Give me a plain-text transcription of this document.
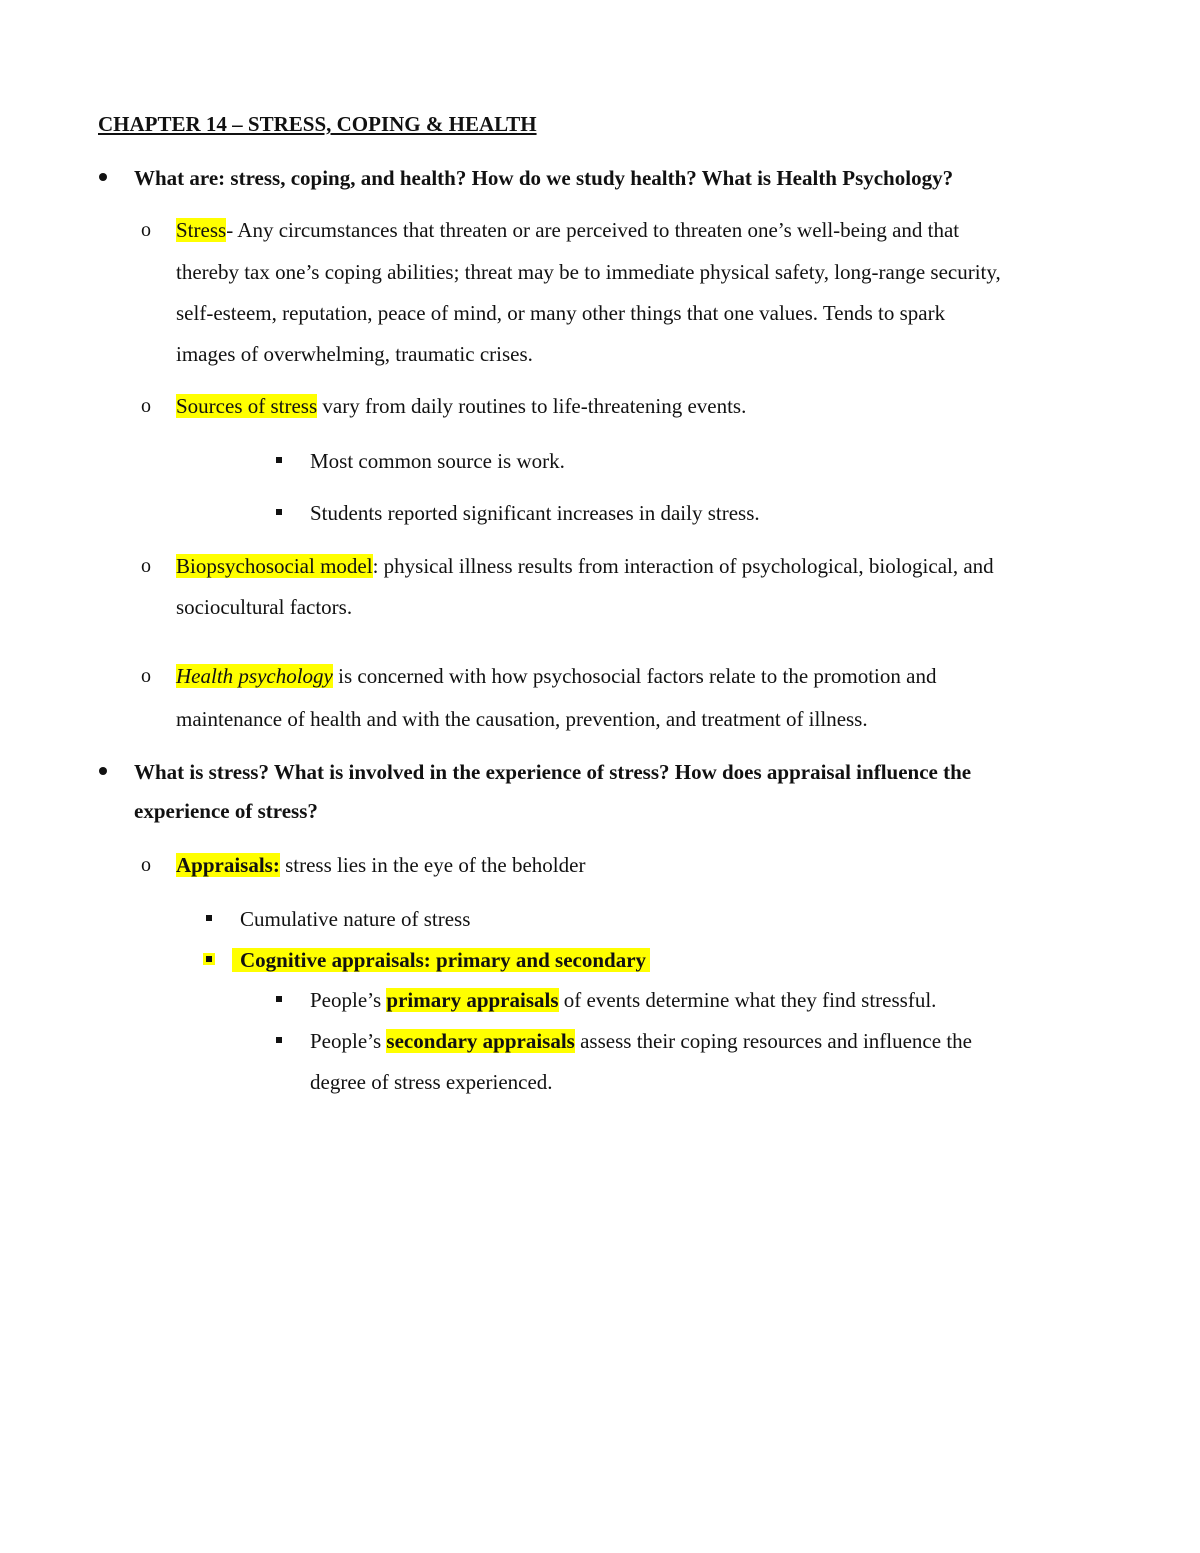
CHAPTER 14 – STRESS, COPING & HEALTH
What are: stress, coping, and health? How do we study health? What is Health Psychology?
o Stress- Any circumstances that threaten or are perceived to threaten one’s well-being and that
thereby tax one’s coping abilities; threat may be to immediate physical safety, long-range security,
self-esteem, reputation, peace of mind, or many other things that one values. Tends to spark
images of overwhelming, traumatic crises.
o Sources of stress vary from daily routines to life-threatening events.
Most common source is work.
Students reported significant increases in daily stress.
o Biopsychosocial model: physical illness results from interaction of psychological, biological, and
sociocultural factors.
o Health psychology is concerned with how psychosocial factors relate to the promotion and
maintenance of health and with the causation, prevention, and treatment of illness.
What is stress? What is involved in the experience of stress? How does appraisal influence the
experience of stress?
o Appraisals: stress lies in the eye of the beholder
Cumulative nature of stress
Cognitive appraisals: primary and secondary
People’s primary appraisals of events determine what they find stressful.
People’s secondary appraisals assess their coping resources and influence the
degree of stress experienced.
